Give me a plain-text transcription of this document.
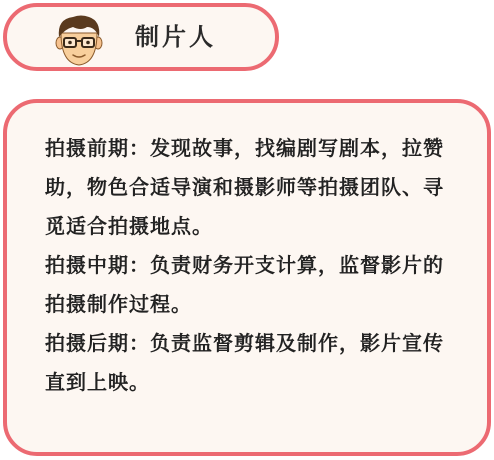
制片人

拍摄前期：发现故事，找编剧写剧本，拉赞助，物色合适导演和摄影师等拍摄团队、寻觅适合拍摄地点。

拍摄中期：负责财务开支计算，监督影片的拍摄制作过程。

拍摄后期：负责监督剪辑及制作，影片宣传直到上映。
